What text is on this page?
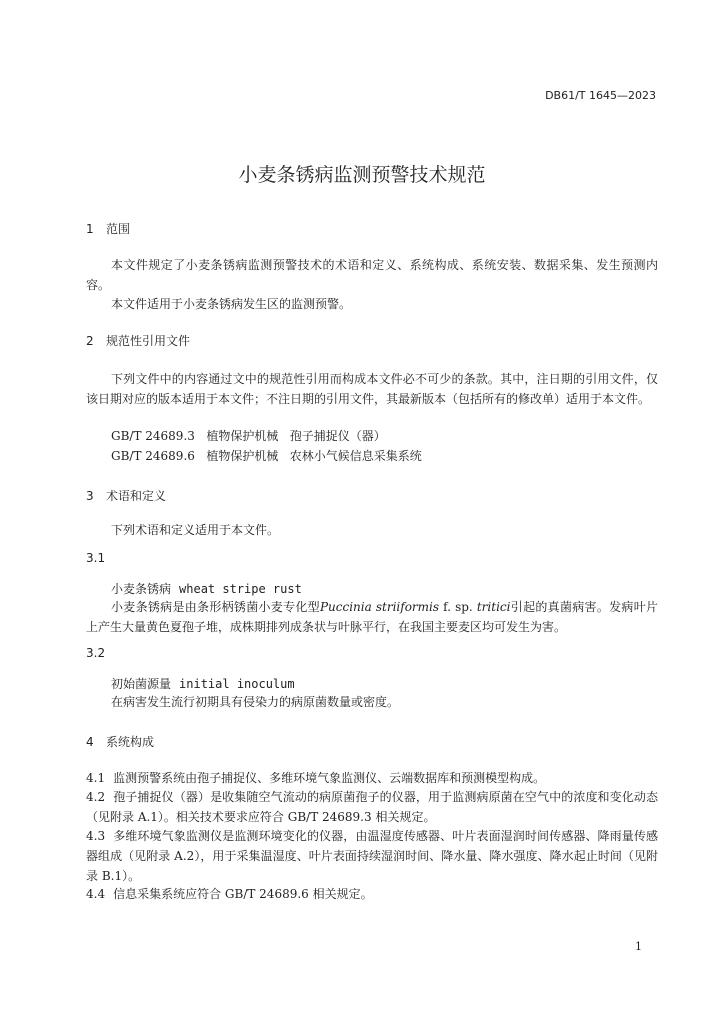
DB61/T 1645—2023
小麦条锈病监测预警技术规范
1 范围
本文件规定了小麦条锈病监测预警技术的术语和定义、系统构成、系统安装、数据采集、发生预测内容。
本文件适用于小麦条锈病发生区的监测预警。
2 规范性引用文件
下列文件中的内容通过文中的规范性引用而构成本文件必不可少的条款。其中，注日期的引用文件，仅该日期对应的版本适用于本文件；不注日期的引用文件，其最新版本（包括所有的修改单）适用于本文件。
GB/T 24689.3   植物保护机械   孢子捕捉仪（器）
GB/T 24689.6   植物保护机械   农林小气候信息采集系统
3 术语和定义
下列术语和定义适用于本文件。
3.1
小麦条锈病 wheat stripe rust
小麦条锈病是由条形柄锈菌小麦专化型Puccinia striiformis f. sp. tritici引起的真菌病害。发病叶片上产生大量黄色夏孢子堆，成株期排列成条状与叶脉平行，在我国主要麦区均可发生为害。
3.2
初始菌源量 initial inoculum
在病害发生流行初期具有侵染力的病原菌数量或密度。
4 系统构成
4.1 监测预警系统由孢子捕捉仪、多维环境气象监测仪、云端数据库和预测模型构成。
4.2 孢子捕捉仪（器）是收集随空气流动的病原菌孢子的仪器，用于监测病原菌在空气中的浓度和变化动态（见附录 A.1）。相关技术要求应符合 GB/T 24689.3 相关规定。
4.3 多维环境气象监测仪是监测环境变化的仪器，由温湿度传感器、叶片表面湿润时间传感器、降雨量传感器组成（见附录 A.2），用于采集温湿度、叶片表面持续湿润时间、降水量、降水强度、降水起止时间（见附录 B.1）。
4.4 信息采集系统应符合 GB/T 24689.6 相关规定。
1
